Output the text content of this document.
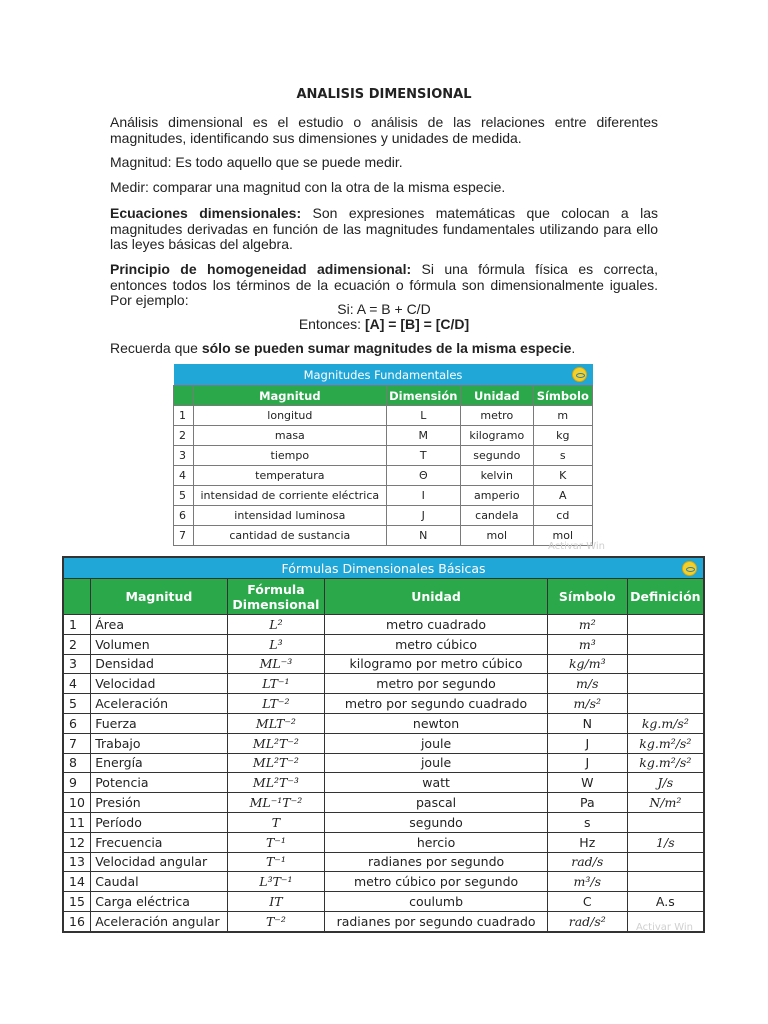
ANALISIS DIMENSIONAL
Análisis dimensional es el estudio o análisis de las relaciones entre diferentes magnitudes, identificando sus dimensiones y unidades de medida.
Magnitud: Es todo aquello que se puede medir.
Medir: comparar una magnitud con la otra de la misma especie.
Ecuaciones dimensionales: Son expresiones matemáticas que colocan a las magnitudes derivadas en función de las magnitudes fundamentales utilizando para ello las leyes básicas del algebra.
Principio de homogeneidad adimensional: Si una fórmula física es correcta, entonces todos los términos de la ecuación o fórmula son dimensionalmente iguales. Por ejemplo:
Si: A = B + C/D
Entonces: [A] = [B] = [C/D]
Recuerda que sólo se pueden sumar magnitudes de la misma especie.
Magnitudes Fundamentales				

	Magnitud	Dimensión	Unidad	Símbolo
1	longitud	L	metro	m
2	masa	M	kilogramo	kg
3	tiempo	T	segundo	s
4	temperatura	Θ	kelvin	K
5	intensidad de corriente eléctrica	I	amperio	A
6	intensidad luminosa	J	candela	cd
7	cantidad de sustancia	N	mol	mol
Activar Win
Fórmulas Dimensionales Básicas					

	Magnitud	Fórmula Dimensional	Unidad	Símbolo	Definición
1	Área	L²	metro cuadrado	m²	
2	Volumen	L³	metro cúbico	m³	
3	Densidad	ML⁻³	kilogramo por metro cúbico	kg/m³	
4	Velocidad	LT⁻¹	metro por segundo	m/s	
5	Aceleración	LT⁻²	metro por segundo cuadrado	m/s²	
6	Fuerza	MLT⁻²	newton	N	kg.m/s²
7	Trabajo	ML²T⁻²	joule	J	kg.m²/s²
8	Energía	ML²T⁻²	joule	J	kg.m²/s²
9	Potencia	ML²T⁻³	watt	W	J/s
10	Presión	ML⁻¹T⁻²	pascal	Pa	N/m²
11	Período	T	segundo	s	
12	Frecuencia	T⁻¹	hercio	Hz	1/s
13	Velocidad angular	T⁻¹	radianes por segundo	rad/s	
14	Caudal	L³T⁻¹	metro cúbico por segundo	m³/s	
15	Carga eléctrica	IT	coulumb	C	A.s
16	Aceleración angular	T⁻²	radianes por segundo cuadrado	rad/s²		Activar Win
